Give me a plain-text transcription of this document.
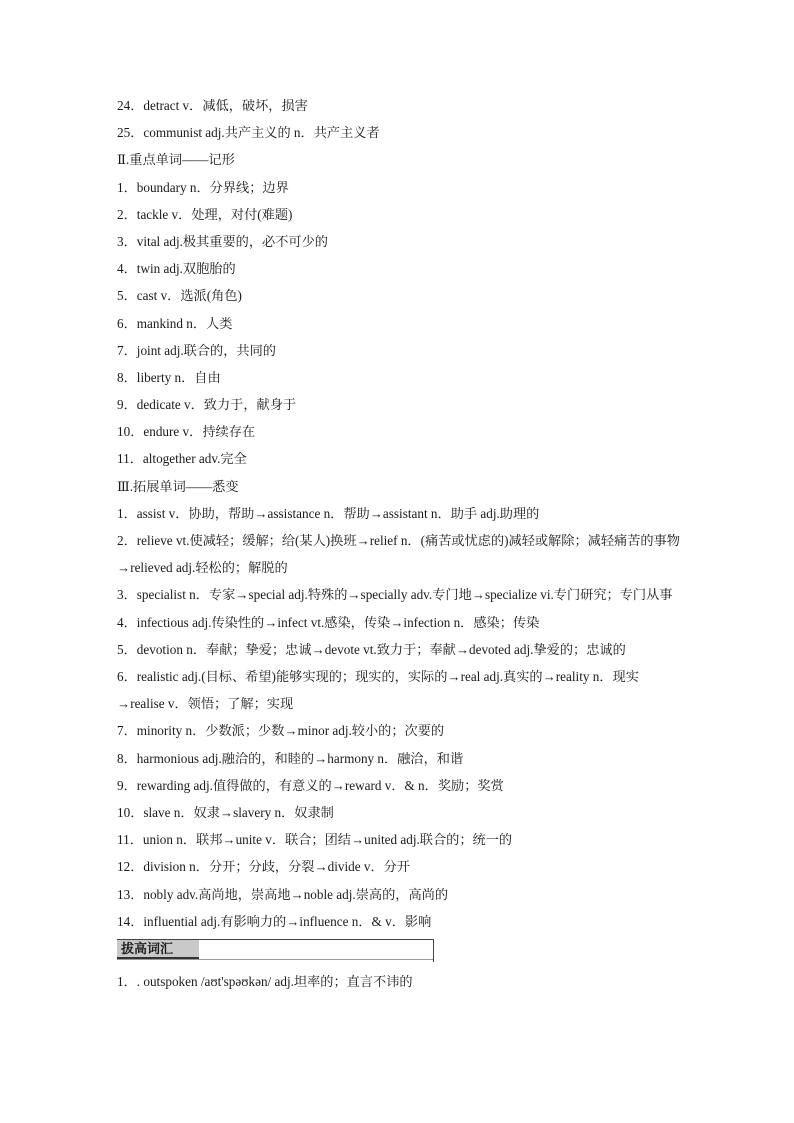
24．detract v．减低，破坏，损害
25．communist adj.共产主义的 n．共产主义者
Ⅱ.重点单词——记形
1．boundary n．分界线；边界
2．tackle v．处理，对付(难题)
3．vital adj.极其重要的，必不可少的
4．twin adj.双胞胎的
5．cast v．选派(角色)
6．mankind n．人类
7．joint adj.联合的，共同的
8．liberty n．自由
9．dedicate v．致力于，献身于
10．endure v．持续存在
11．altogether adv.完全
Ⅲ.拓展单词——悉变
1．assist v．协助，帮助→assistance n．帮助→assistant n．助手 adj.助理的
2．relieve vt.使减轻；缓解；给(某人)换班→relief n．(痛苦或忧虑的)减轻或解除；减轻痛苦的事物→relieved adj.轻松的；解脱的
3．specialist n．专家→special adj.特殊的→specially adv.专门地→specialize vi.专门研究；专门从事
4．infectious adj.传染性的→infect vt.感染，传染→infection n．感染；传染
5．devotion n．奉献；挚爱；忠诚→devote vt.致力于；奉献→devoted adj.挚爱的；忠诚的
6．realistic adj.(目标、希望)能够实现的；现实的，实际的→real adj.真实的→reality n．现实→realise v．领悟；了解；实现
7．minority n．少数派；少数→minor adj.较小的；次要的
8．harmonious adj.融洽的，和睦的→harmony n．融洽，和谐
9．rewarding adj.值得做的，有意义的→reward v．& n．奖励；奖赏
10．slave n．奴隶→slavery n．奴隶制
11．union n．联邦→unite v．联合；团结→united adj.联合的；统一的
12．division n．分开；分歧，分裂→divide v．分开
13．nobly adv.高尚地，崇高地→noble adj.崇高的，高尚的
14．influential adj.有影响力的→influence n．& v．影响
拔高词汇
1．. outspoken /aʊt'spəʊkən/ adj.坦率的；直言不讳的
